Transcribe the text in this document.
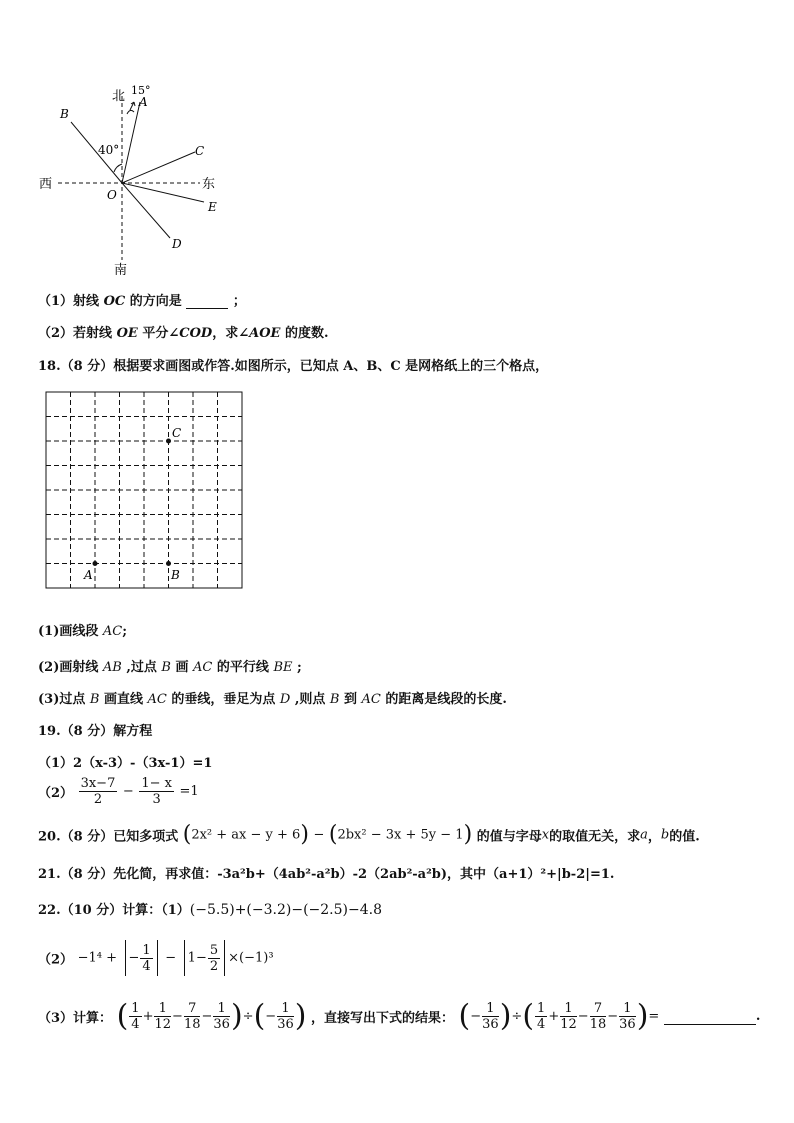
北 15°
A
B
40°	C
西	东
O
E
D
南
（1）射线 OC 的方向是	；
（2）若射线 OE 平分∠COD，求∠AOE 的度数.
18.（8 分）根据要求画图或作答.如图所示，已知点 A、B、C 是网格纸上的三个格点，
C
A	B
(1)画线段 AC;
(2)画射线 AB ,过点 B 画 AC 的平行线 BE ;
(3)过点 B 画直线 AC 的垂线，垂足为点 D ,则点 B 到 AC 的距离是线段的长度.
19.（8 分）解方程
（1）2（x-3）-（3x-1）=1
$(2) \frac{3x-7}{2} - \frac{1- x}{3} =1$
20.（8 分）已知多项式 (2x² + ax − y + 6) − (2bx² − 3x + 5y − 1) 的值与字母x的取值无关，求a，b的值.
21.（8 分）先化简，再求值：-3a²b+（4ab²-a²b）-2（2ab²-a²b)，其中（a+1）²+|b-2|=1.
22.（10 分）计算：（1）(−5.5)+(−3.2)−(−2.5)−4.8
（2） −1⁴ + − $\frac{1}{4} - 1- \frac{5}{2} \times(-1)^3$
（3）计算： ( $\frac{1}{4} + \frac{1}{12} - \frac{7}{18} - \frac{1}{36}$ )÷(− $\frac{1}{36}$ ) ，直接写出下式的结果： (− $\frac{1}{36}$ )÷( $\frac{1}{4} + \frac{1}{12} - \frac{7}{18} - \frac{1}{36}$ )=	.
